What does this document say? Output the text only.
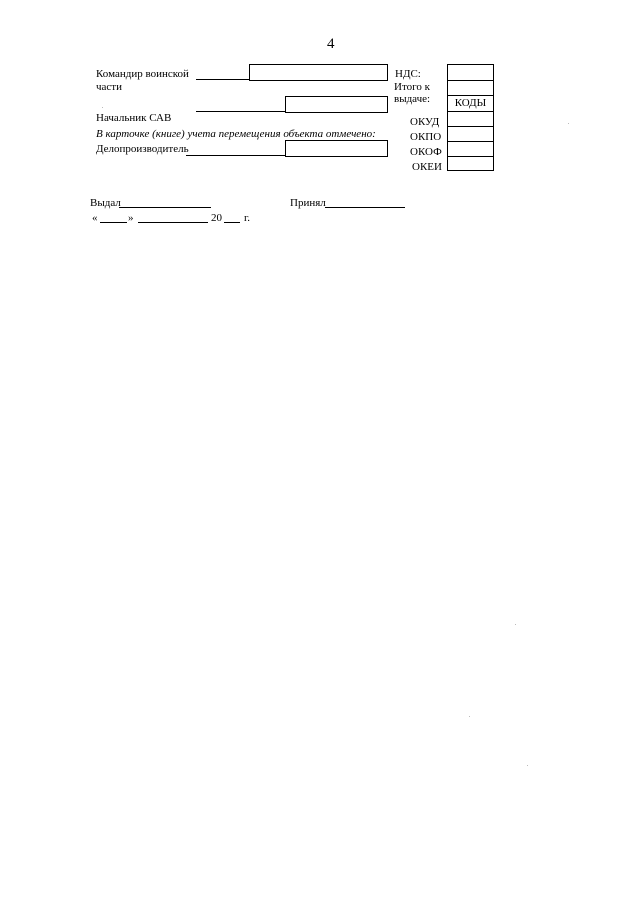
4
Командир воинской
части
Начальник САВ
В карточке (книге) учета перемещения объекта отмечено:
Делопроизводитель
НДС:
Итого к
выдаче:	КОДЫ
ОКУД
ОКПО
ОКОФ
ОКЕИ
Выдал	Принял
«	»	20 г.
